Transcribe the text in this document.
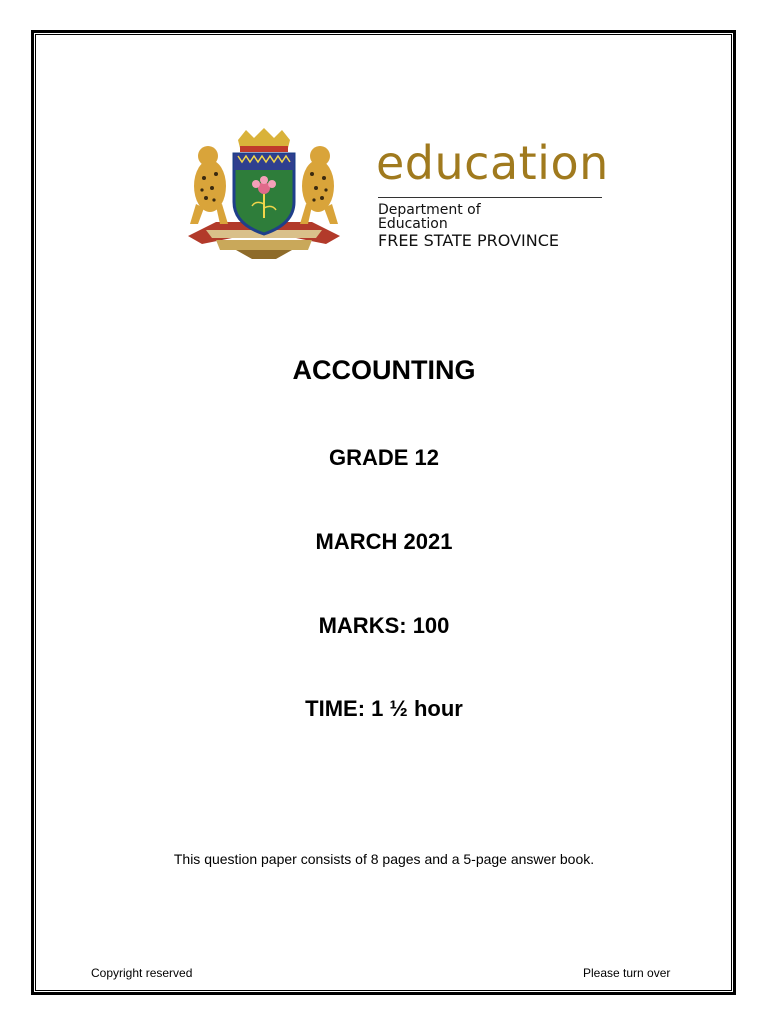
education
Department of
Education
FREE STATE PROVINCE
ACCOUNTING
GRADE 12
MARCH 2021
MARKS: 100
TIME: 1 ½ hour
This question paper consists of 8 pages and a 5-page answer book.
Copyright reserved	Please turn over
